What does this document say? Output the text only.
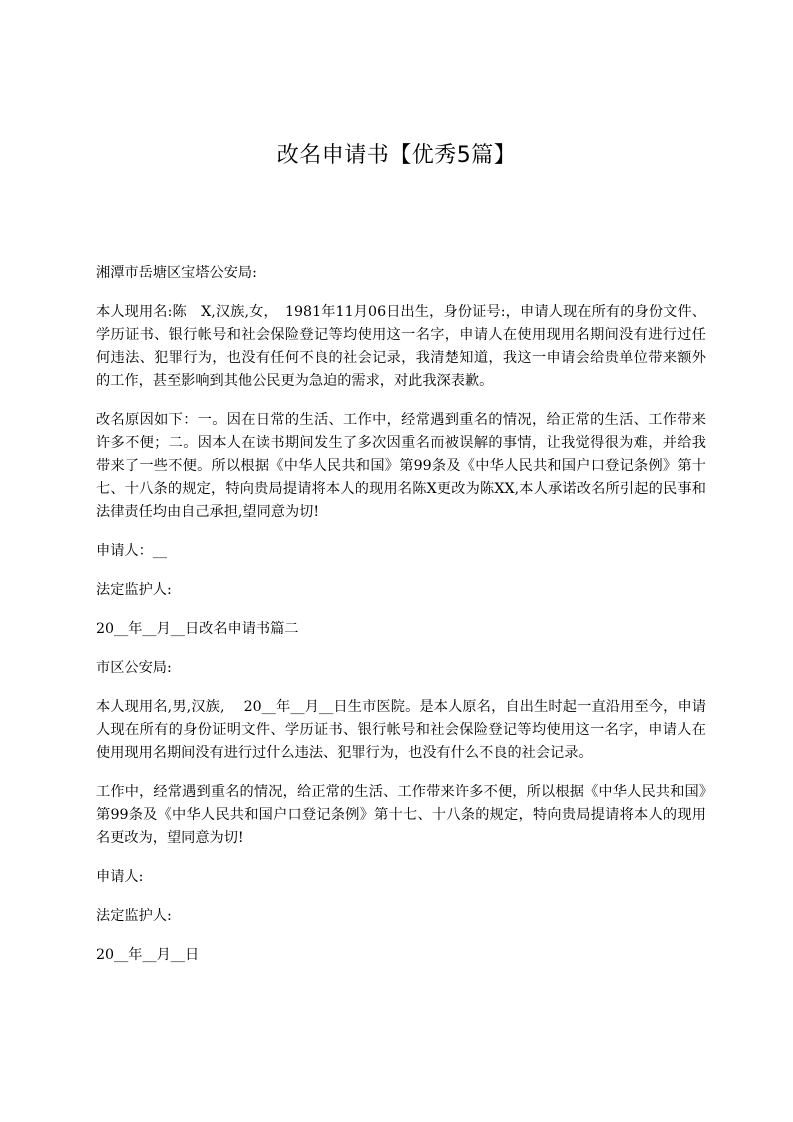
改名申请书【优秀5篇】

湘潭市岳塘区宝塔公安局:

本人现用名:陈　X,汉族,女，　1981年11月06日出生，身份证号:，申请人现在所有的身份文件、学历证书、银行帐号和社会保险登记等均使用这一名字，申请人在使用现用名期间没有进行过任何违法、犯罪行为，也没有任何不良的社会记录，我清楚知道，我这一申请会给贵单位带来额外的工作，甚至影响到其他公民更为急迫的需求，对此我深表歉。

改名原因如下：一。因在日常的生活、工作中，经常遇到重名的情况，给正常的生活、工作带来许多不便；二。因本人在读书期间发生了多次因重名而被误解的事情，让我觉得很为难，并给我带来了一些不便。所以根据《中华人民共和国》第99条及《中华人民共和国户口登记条例》第十七、十八条的规定，特向贵局提请将本人的现用名陈X更改为陈XX,本人承诺改名所引起的民事和法律责任均由自己承担,望同意为切!

申请人：__

法定监护人:

20__年__月__日改名申请书篇二

市区公安局:

本人现用名,男,汉族,　 20__年__月__日生市医院。是本人原名，自出生时起一直沿用至今，申请人现在所有的身份证明文件、学历证书、银行帐号和社会保险登记等均使用这一名字，申请人在使用现用名期间没有进行过什么违法、犯罪行为，也没有什么不良的社会记录。

工作中，经常遇到重名的情况，给正常的生活、工作带来许多不便，所以根据《中华人民共和国》第99条及《中华人民共和国户口登记条例》第十七、十八条的规定，特向贵局提请将本人的现用名更改为，望同意为切!

申请人:

法定监护人:

20__年__月__日
